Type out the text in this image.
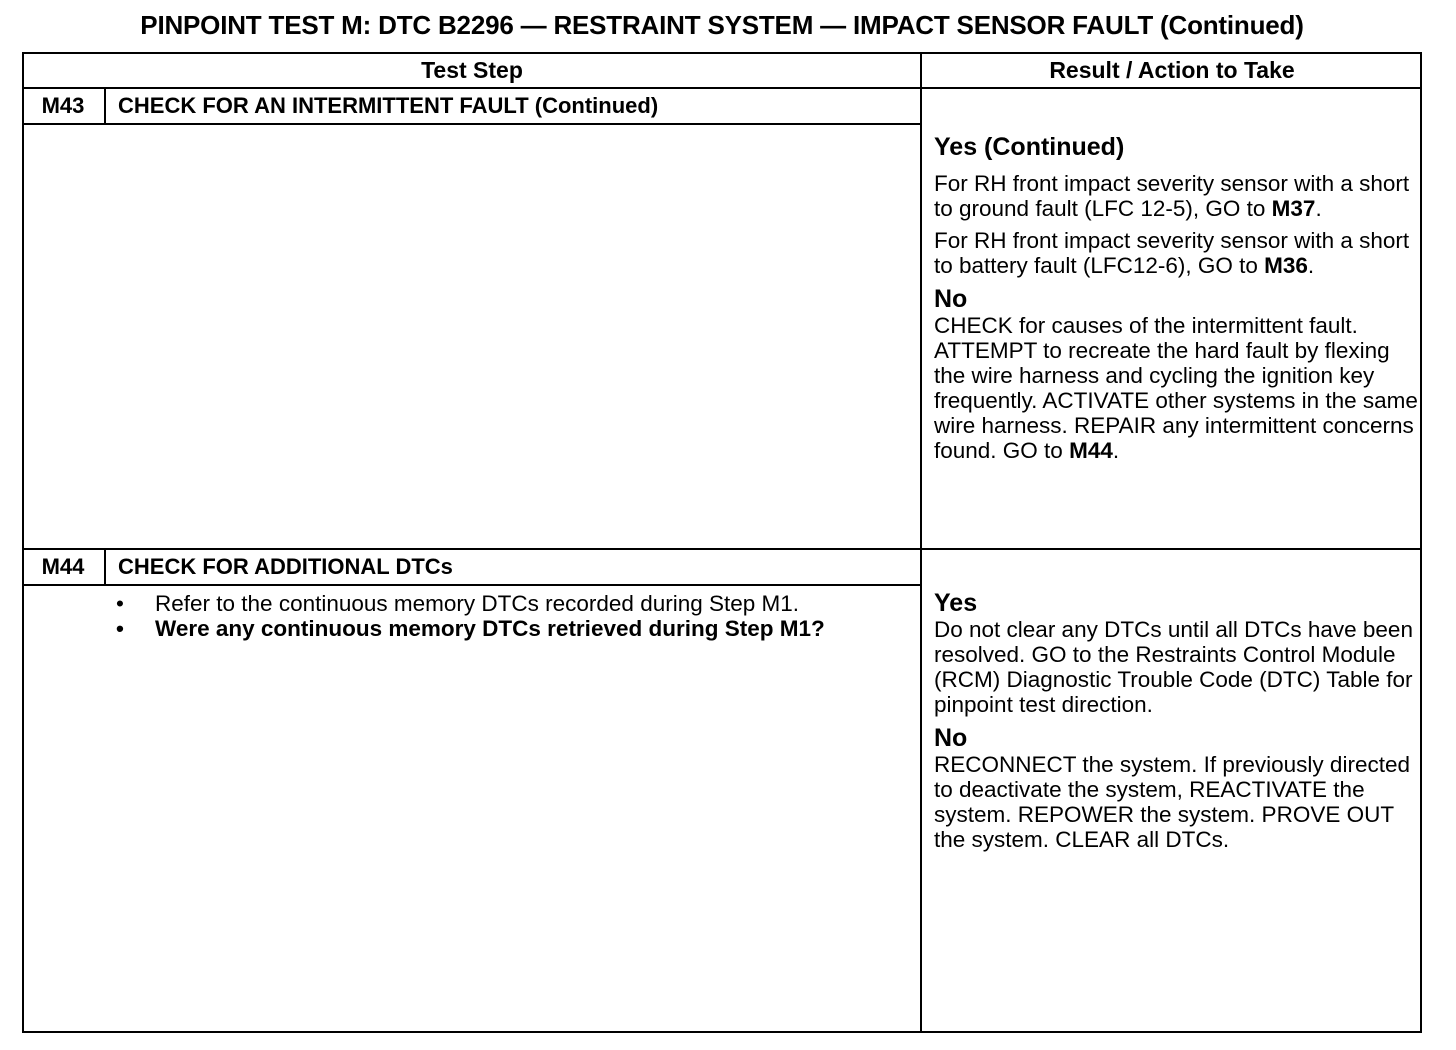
PINPOINT TEST M: DTC B2296 — RESTRAINT SYSTEM — IMPACT SENSOR FAULT (Continued)
Test Step	Result / Action to Take
M43	CHECK FOR AN INTERMITTENT FAULT (Continued)
Yes (Continued)

For RH front impact severity sensor with a short to ground fault (LFC 12-5), GO to M37.

For RH front impact severity sensor with a short to battery fault (LFC12-6), GO to M36.

No

CHECK for causes of the intermittent fault. ATTEMPT to recreate the hard fault by flexing the wire harness and cycling the ignition key frequently. ACTIVATE other systems in the same wire harness. REPAIR any intermittent concerns found. GO to M44.

M44	CHECK FOR ADDITIONAL DTCs

• Refer to the continuous memory DTCs recorded during Step M1.

• Were any continuous memory DTCs retrieved during Step M1?

Yes

Do not clear any DTCs until all DTCs have been resolved. GO to the Restraints Control Module (RCM) Diagnostic Trouble Code (DTC) Table for pinpoint test direction.

No

RECONNECT the system. If previously directed to deactivate the system, REACTIVATE the system. REPOWER the system. PROVE OUT the system. CLEAR all DTCs.
